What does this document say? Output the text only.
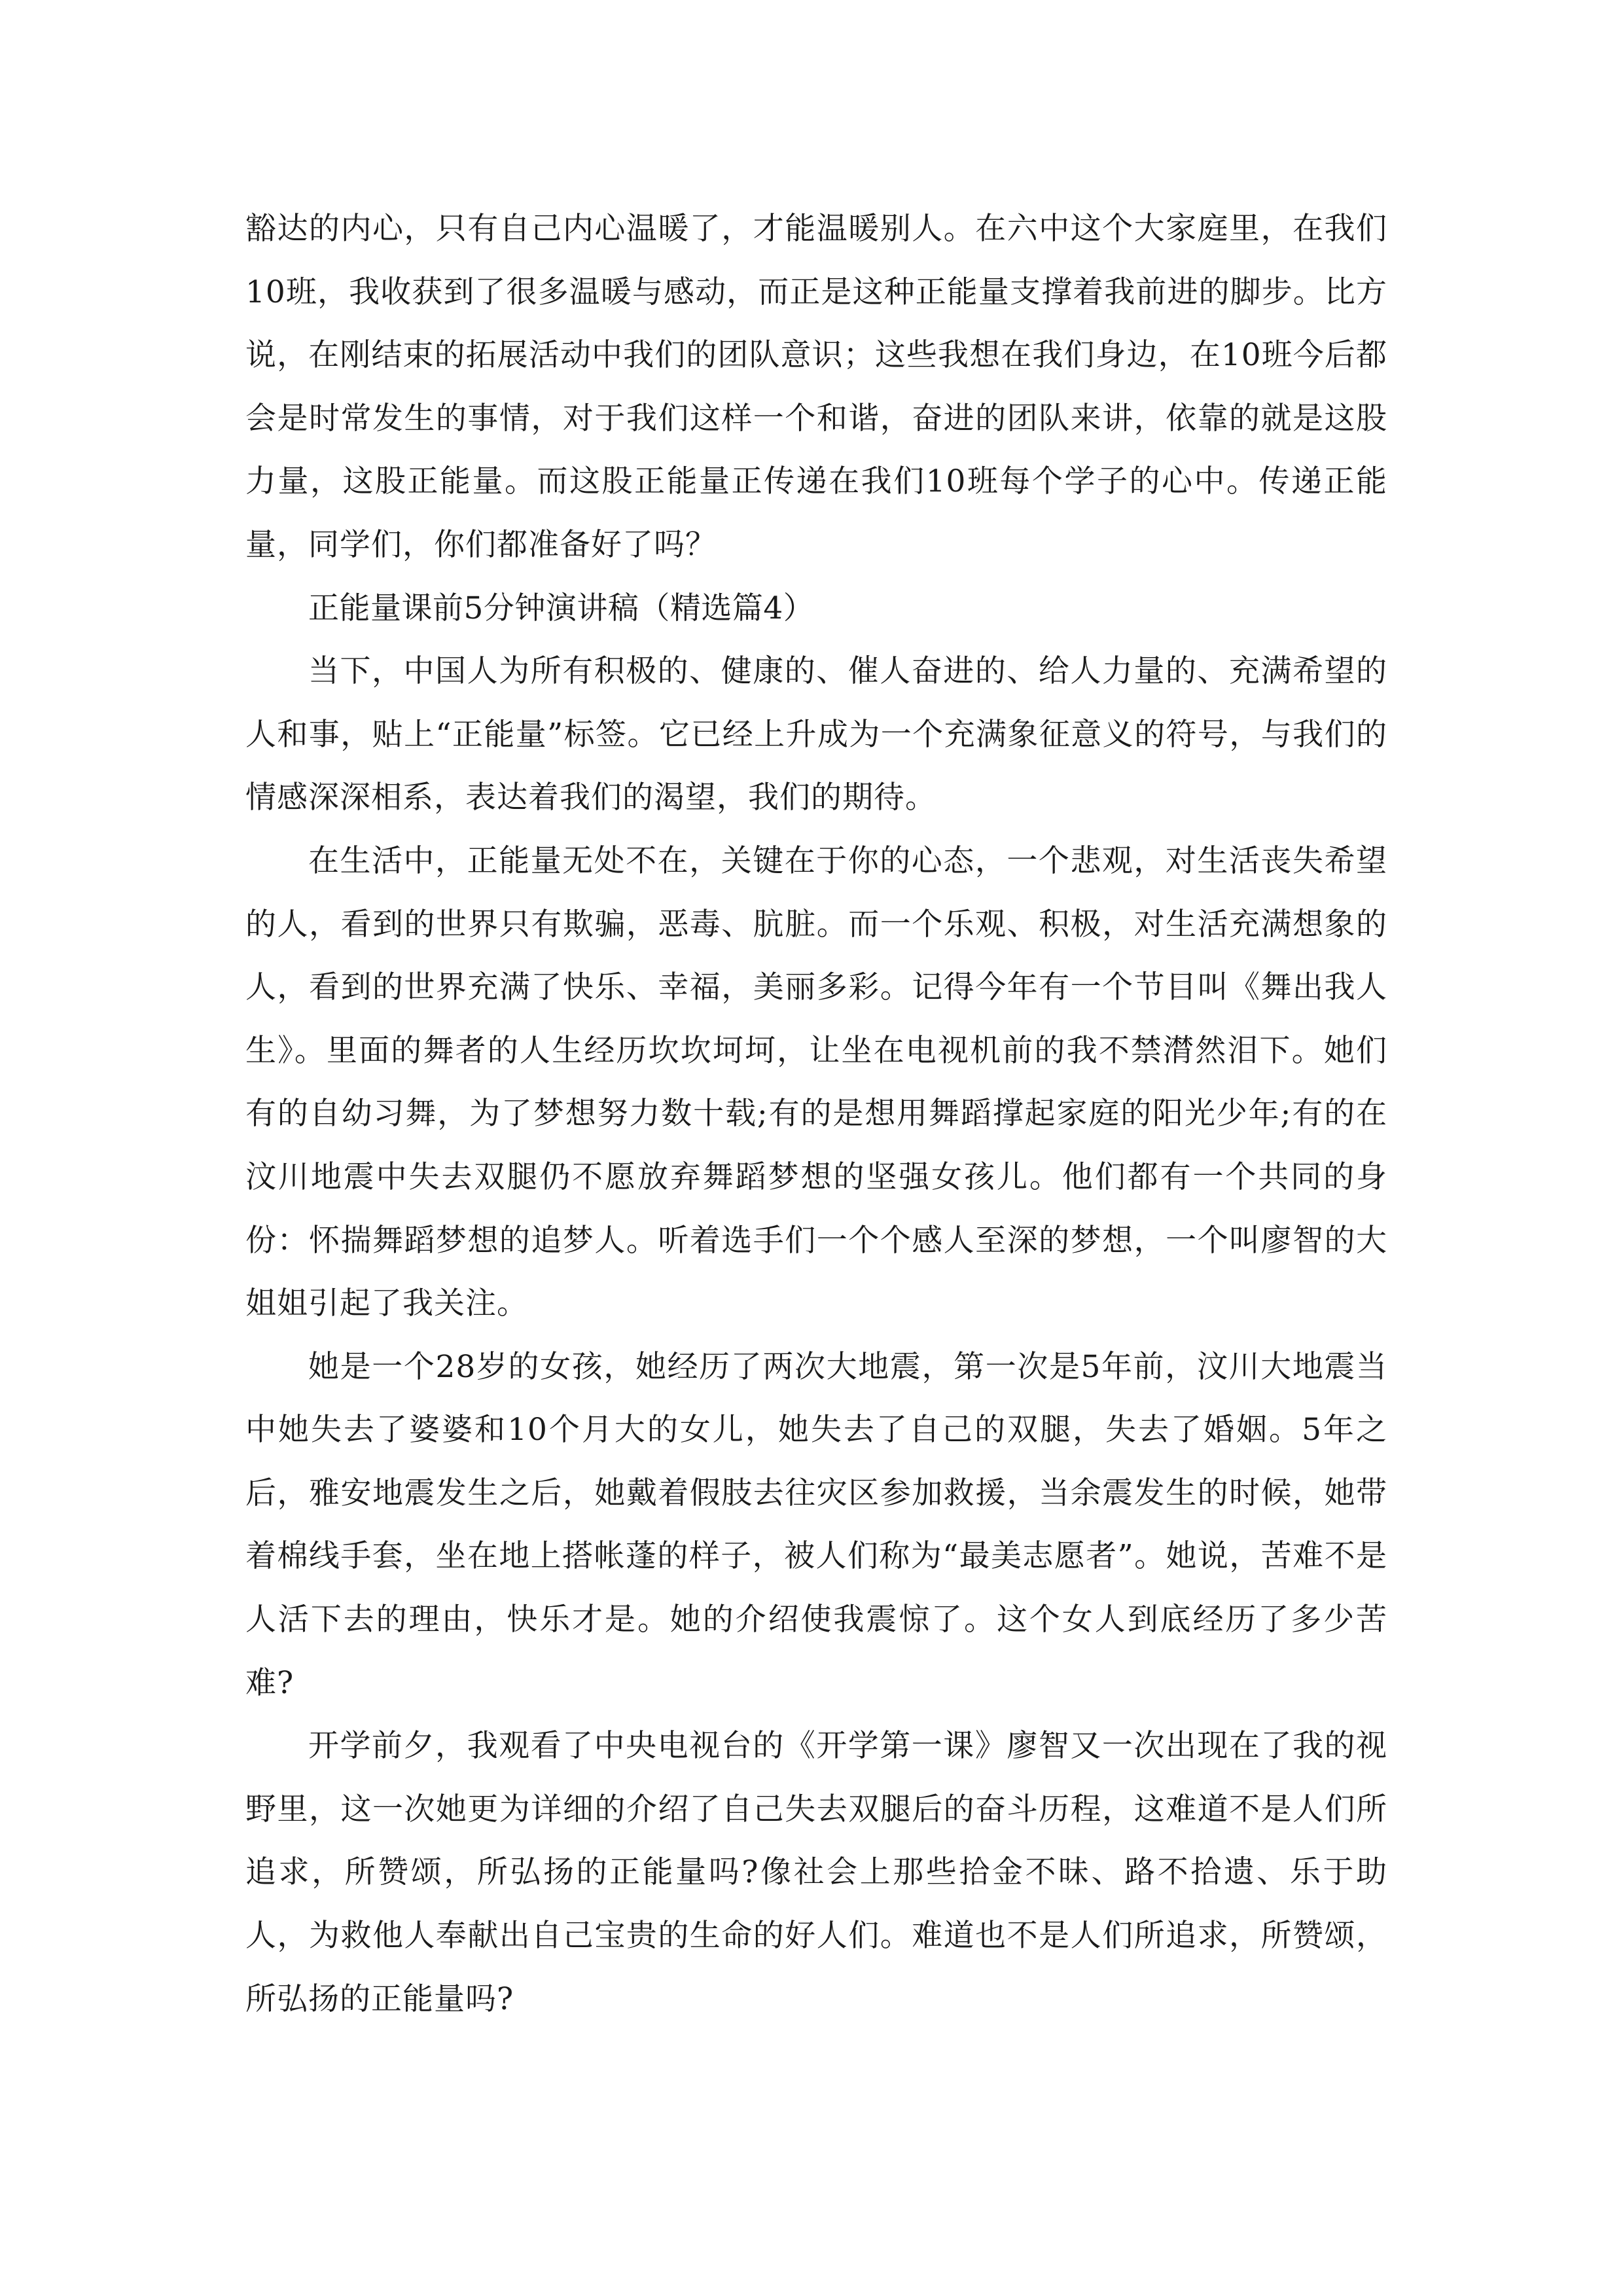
豁达的内心，只有自己内心温暖了，才能温暖别人。在六中这个大家庭里，在我们10班，我收获到了很多温暖与感动，而正是这种正能量支撑着我前进的脚步。比方说，在刚结束的拓展活动中我们的团队意识；这些我想在我们身边，在10班今后都会是时常发生的事情，对于我们这样一个和谐，奋进的团队来讲，依靠的就是这股力量，这股正能量。而这股正能量正传递在我们10班每个学子的心中。传递正能量，同学们，你们都准备好了吗？

正能量课前5分钟演讲稿（精选篇4）

当下，中国人为所有积极的、健康的、催人奋进的、给人力量的、充满希望的人和事，贴上“正能量”标签。它已经上升成为一个充满象征意义的符号，与我们的情感深深相系，表达着我们的渴望，我们的期待。

在生活中，正能量无处不在，关键在于你的心态，一个悲观，对生活丧失希望的人，看到的世界只有欺骗，恶毒、肮脏。而一个乐观、积极，对生活充满想象的人，看到的世界充满了快乐、幸福，美丽多彩。记得今年有一个节目叫《舞出我人生》。里面的舞者的人生经历坎坎坷坷，让坐在电视机前的我不禁潸然泪下。她们有的自幼习舞，为了梦想努力数十载;有的是想用舞蹈撑起家庭的阳光少年;有的在汶川地震中失去双腿仍不愿放弃舞蹈梦想的坚强女孩儿。他们都有一个共同的身份：怀揣舞蹈梦想的追梦人。听着选手们一个个感人至深的梦想，一个叫廖智的大姐姐引起了我关注。

她是一个28岁的女孩，她经历了两次大地震，第一次是5年前，汶川大地震当中她失去了婆婆和10个月大的女儿，她失去了自己的双腿，失去了婚姻。5年之后，雅安地震发生之后，她戴着假肢去往灾区参加救援，当余震发生的时候，她带着棉线手套，坐在地上搭帐蓬的样子，被人们称为“最美志愿者”。她说，苦难不是人活下去的理由，快乐才是。她的介绍使我震惊了。这个女人到底经历了多少苦难?

开学前夕，我观看了中央电视台的《开学第一课》廖智又一次出现在了我的视野里，这一次她更为详细的介绍了自己失去双腿后的奋斗历程，这难道不是人们所追求，所赞颂，所弘扬的正能量吗?像社会上那些拾金不昧、路不拾遗、乐于助人，为救他人奉献出自己宝贵的生命的好人们。难道也不是人们所追求，所赞颂，所弘扬的正能量吗?
